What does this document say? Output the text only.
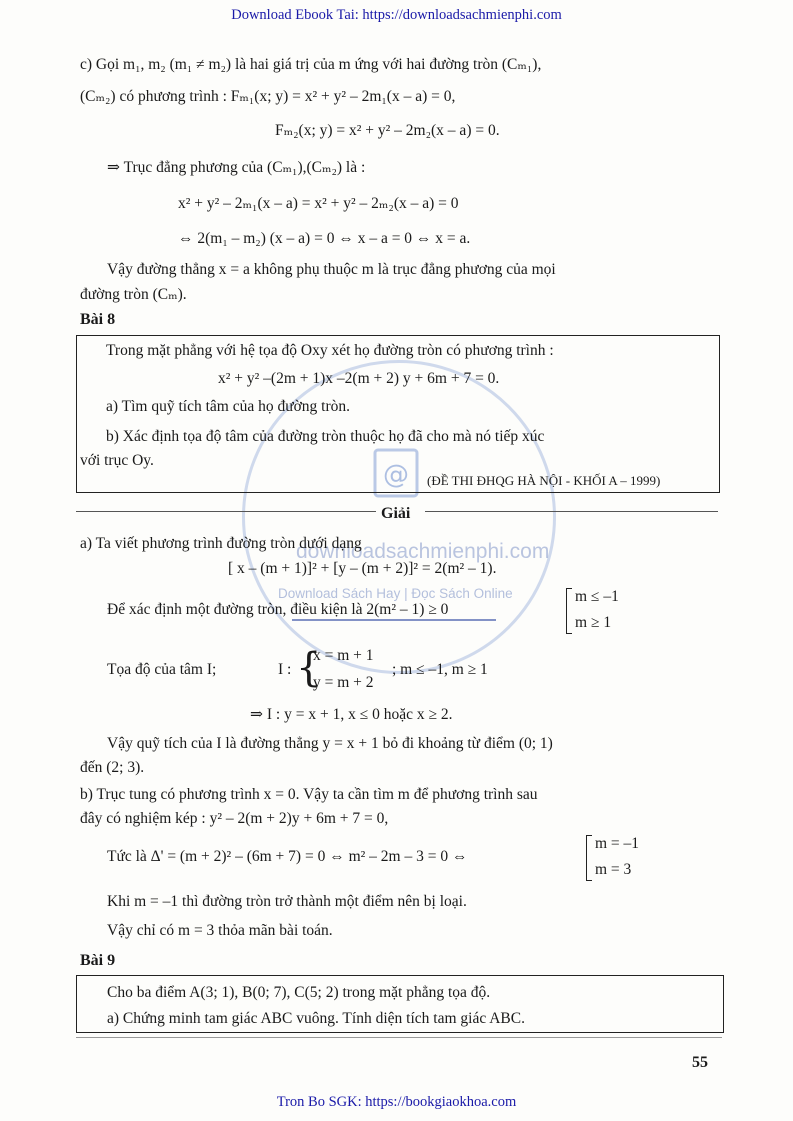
Download Ebook Tai: https://downloadsachmienphi.com
@
downloadsachmienphi.com
Download Sách Hay | Đọc Sách Online
c) Gọi m₁, m₂ (m₁ ≠ m₂) là hai giá trị của m ứng với hai đường tròn (Cₘ₁),
(Cₘ₂) có phương trình : Fₘ₁(x; y) = x² + y² – 2m₁(x – a) = 0,
Fₘ₂(x; y) = x² + y² – 2m₂(x – a) = 0.
⇒ Trục đẳng phương của (Cₘ₁),(Cₘ₂) là :
x² + y² – 2ₘ₁(x – a) = x² + y² – 2ₘ₂(x – a) = 0
⇔ 2(m₁ – m₂) (x – a) = 0 ⇔ x – a = 0 ⇔ x = a.
Vậy đường thẳng x = a không phụ thuộc m là trục đẳng phương của mọi
đường tròn (Cₘ).
Bài 8
Trong mặt phẳng với hệ tọa độ Oxy xét họ đường tròn có phương trình :
x² + y² –(2m + 1)x –2(m + 2) y + 6m + 7 = 0.
a) Tìm quỹ tích tâm của họ đường tròn.
b) Xác định tọa độ tâm của đường tròn thuộc họ đã cho mà nó tiếp xúc
với trục Oy.
(ĐỀ THI ĐHQG HÀ NỘI - KHỐI A – 1999)
Giải
a) Ta viết phương trình đường tròn dưới dạng
[ x – (m + 1)]² + [y – (m + 2)]² = 2(m² – 1).
Để xác định một đường tròn, điều kiện là 2(m² – 1) ≥ 0
m ≤ –1
m ≥ 1
Tọa độ của tâm I;	I : {
x = m + 1
y = m + 2
; m ≤ –1, m ≥ 1
⇒ I : y = x + 1, x ≤ 0 hoặc x ≥ 2.
Vậy quỹ tích của I là đường thẳng y = x + 1 bỏ đi khoảng từ điểm (0; 1)
đến (2; 3).
b) Trục tung có phương trình x = 0. Vậy ta cần tìm m để phương trình sau
đây có nghiệm kép : y² – 2(m + 2)y + 6m + 7 = 0,
Tức là Δ' = (m + 2)² – (6m + 7) = 0 ⇔ m² – 2m – 3 = 0 ⇔
m = –1
m = 3
Khi m = –1 thì đường tròn trở thành một điểm nên bị loại.
Vậy chỉ có m = 3 thỏa mãn bài toán.
Bài 9
Cho ba điểm A(3; 1), B(0; 7), C(5; 2) trong mặt phẳng tọa độ.
a) Chứng minh tam giác ABC vuông. Tính diện tích tam giác ABC.
55
Tron Bo SGK: https://bookgiaokhoa.com
